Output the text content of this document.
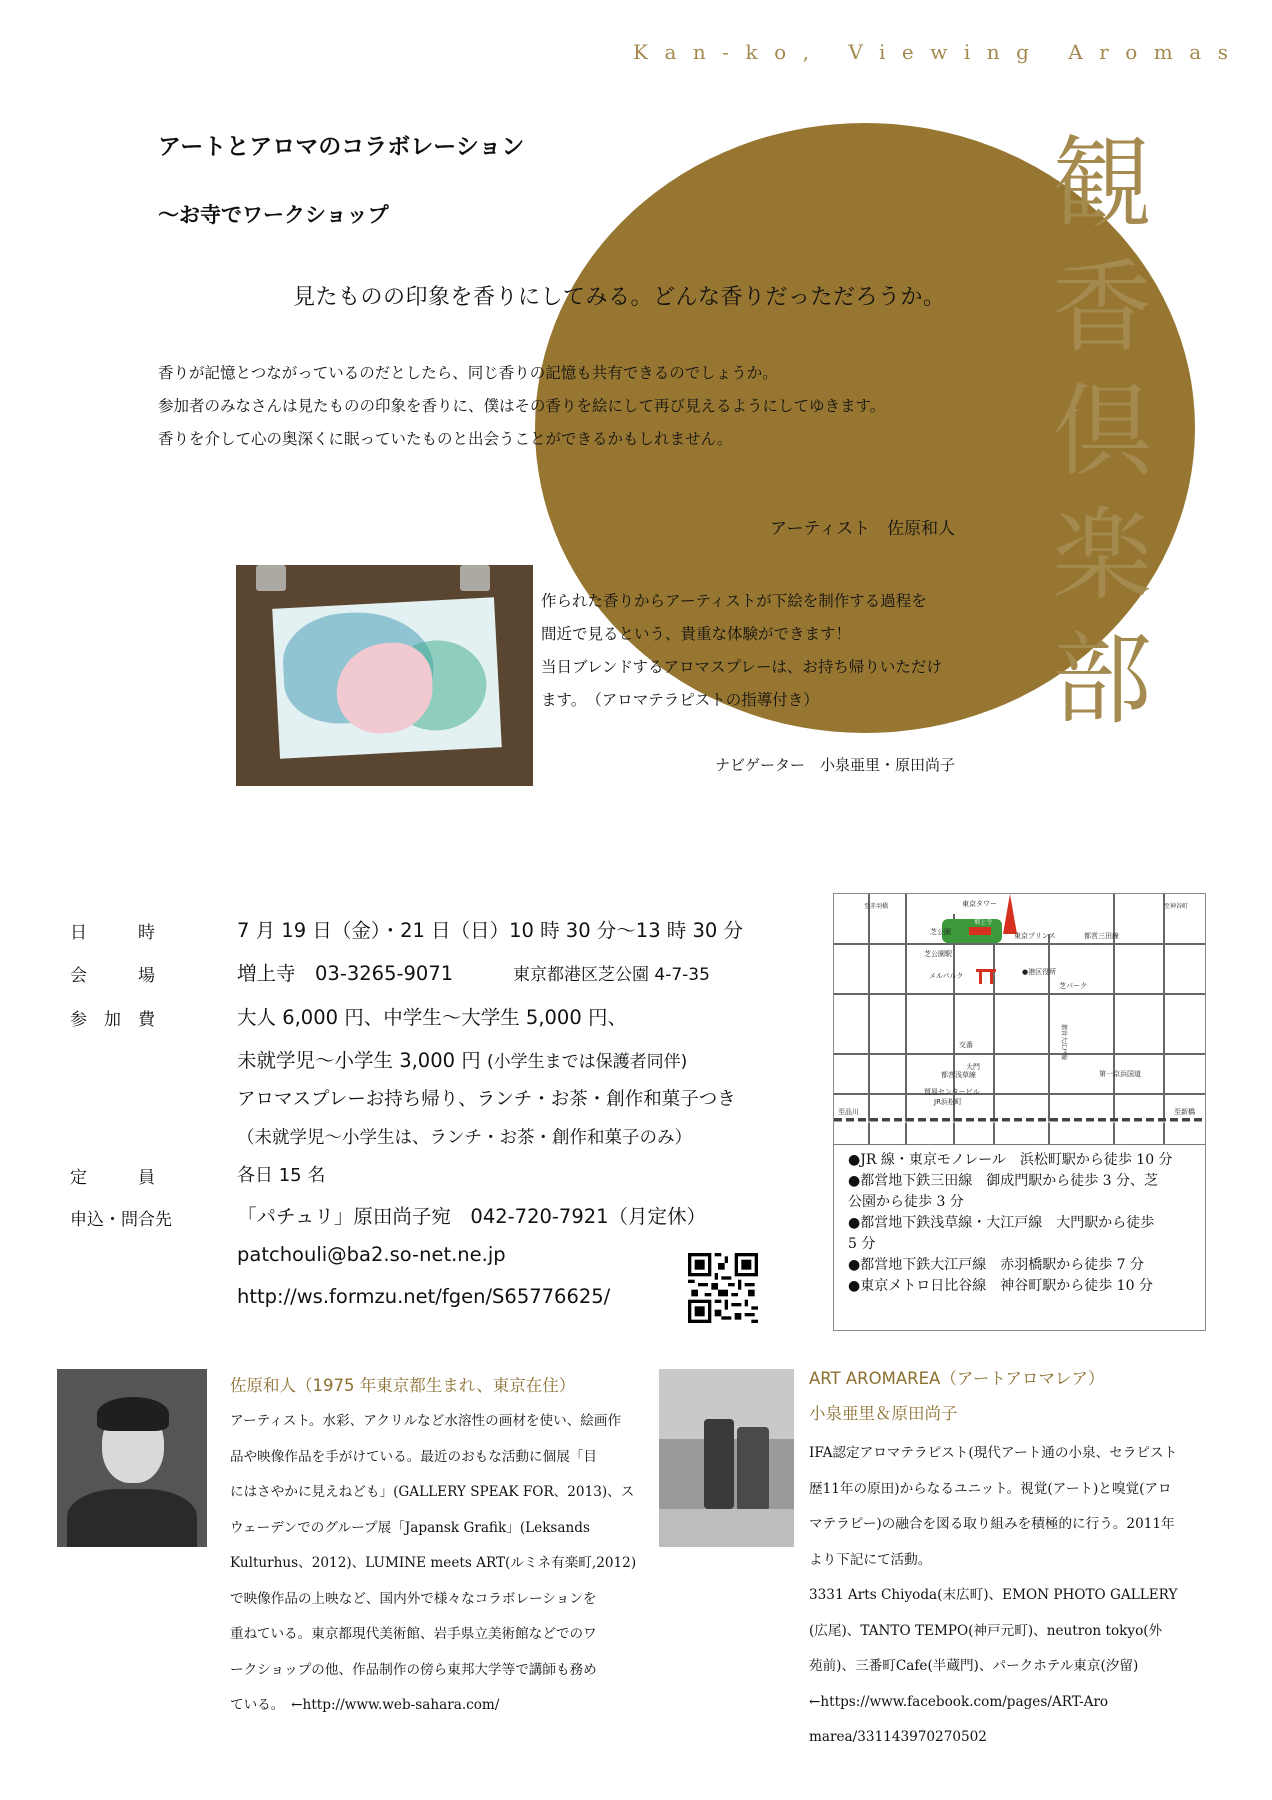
Kan-ko, Viewing Aromas
観
香
倶
楽
部
アートとアロマのコラボレーション
～お寺でワークショップ
見たものの印象を香りにしてみる。どんな香りだっただろうか。
香りが記憶とつながっているのだとしたら、同じ香りの記憶も共有できるのでしょうか。
参加者のみなさんは見たものの印象を香りに、僕はその香りを絵にして再び見えるようにしてゆきます。
香りを介して心の奥深くに眠っていたものと出会うことができるかもしれません。
アーティスト　佐原和人
作られた香りからアーティストが下絵を制作する過程を
間近で見るという、貴重な体験ができます！
当日ブレンドするアロマスプレーは、お持ち帰りいただけ
ます。　（アロマテラピストの指導付き）
ナビゲーター　小泉亜里・原田尚子
日　　　時	7 月 19 日（金）・21 日（日）10 時 30 分～13 時 30 分
会　　　場	増上寺　03-3265-9071	東京都港区芝公園 4-7-35
参　加　費	大人 6,000 円、中学生～大学生 5,000 円、
未就学児～小学生 3,000 円 (小学生までは保護者同伴)
アロマスプレーお持ち帰り、ランチ・お茶・創作和菓子つき
（未就学児～小学生は、ランチ・お茶・創作和菓子のみ）
定　　　員	各日 15 名
申込・問合先	「パチュリ」原田尚子宛　042-720-7921（月定休）
patchouli@ba2.so-net.ne.jp
http://ws.formzu.net/fgen/S65776625/
東京タワー
芝公園
増上寺
東京プリンス	都営三田線
芝公園駅
メルパルク	●港区役所
芝パーク
大門
交番
都営浅草線	第一京浜国道
貿易センタービル
JR浜松町
至品川	至新橋
至赤羽橋	至神谷町
都営大江戸線
●JR 線・東京モノレール　浜松町駅から徒歩 10 分
●都営地下鉄三田線　御成門駅から徒歩 3 分、芝
公園から徒歩 3 分
●都営地下鉄浅草線・大江戸線　大門駅から徒歩
5 分
●都営地下鉄大江戸線　赤羽橋駅から徒歩 7 分
●東京メトロ日比谷線　神谷町駅から徒歩 10 分
佐原和人（1975 年東京都生まれ、東京在住）
アーティスト。水彩、アクリルなど水溶性の画材を使い、絵画作
品や映像作品を手がけている。最近のおもな活動に個展「目
にはさやかに見えねども」(GALLERY SPEAK FOR、2013)、ス
ウェーデンでのグループ展「Japansk Grafik」(Leksands
Kulturhus、2012)、LUMINE meets ART(ルミネ有楽町,2012)
で映像作品の上映など、国内外で様々なコラボレーションを
重ねている。東京都現代美術館、岩手県立美術館などでのワ
ークショップの他、作品制作の傍ら東邦大学等で講師も務め
ている。　←http://www.web-sahara.com/
ART AROMAREA（アートアロマレア）
小泉亜里＆原田尚子
IFA認定アロマテラピスト(現代アート通の小泉、セラピスト
歴11年の原田)からなるユニット。視覚(アート)と嗅覚(アロ
マテラピー)の融合を図る取り組みを積極的に行う。2011年
より下記にて活動。
3331 Arts Chiyoda(末広町)、EMON PHOTO GALLERY
(広尾)、TANTO TEMPO(神戸元町)、neutron tokyo(外
苑前)、三番町Cafe(半蔵門)、パークホテル東京(汐留)
←https://www.facebook.com/pages/ART-Aro
marea/331143970270502
